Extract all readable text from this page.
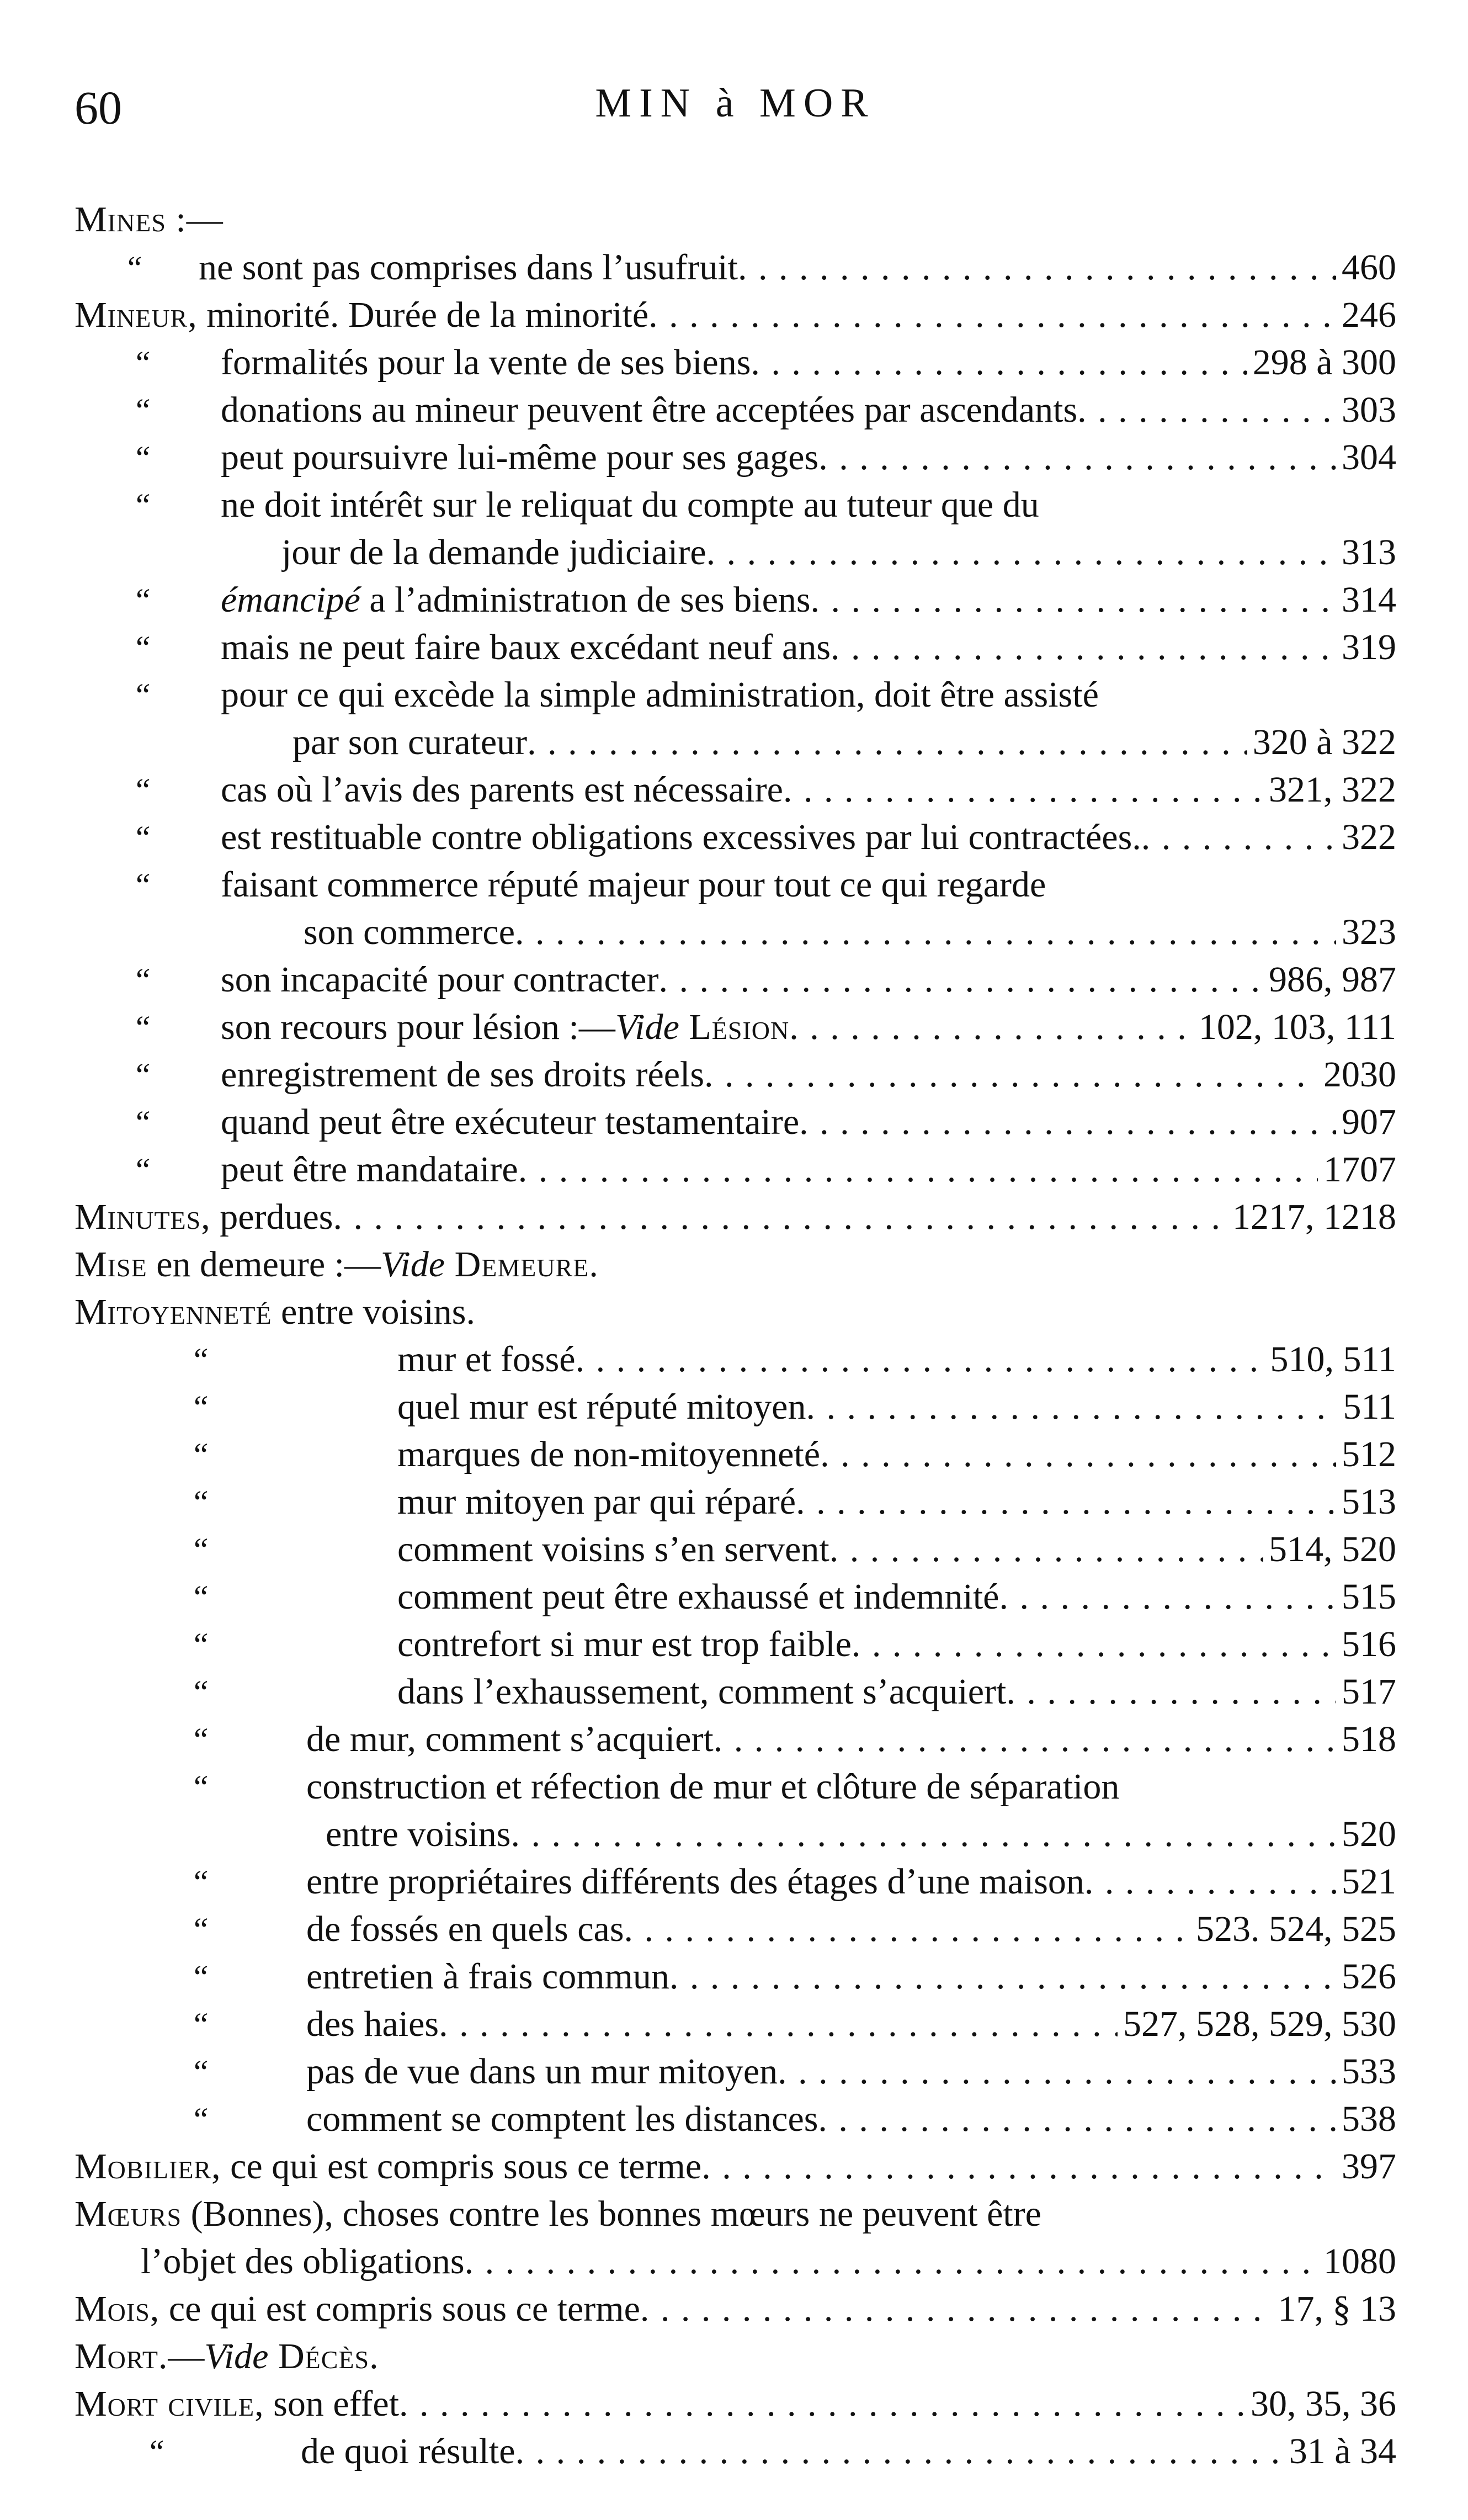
60	MIN à MOR
Mines :—
“ ne sont pas comprises dans l’usufruit . . .	460
Mineur, minorité. Durée de la minorité . . .	246
“ formalités pour la vente de ses biens . . .	298 à 300
“ donations au mineur peuvent être acceptées par ascendants . . .	303
“ peut poursuivre lui-même pour ses gages . . .	304
“ ne doit intérêt sur le reliquat du compte au tuteur que du
jour de la demande judiciaire . . .	313
“ émancipé a l’administratıon de ses biens . . .	314
“ mais ne peut faire baux excédant neuf ans . . .	319
“ pour ce qui excède la simple administration, doit être assisté
par son curateur . . .	320 à 322
“ cas où l’avis des parents est nécessaire . . .	321, 322
“ est restituable contre obligations excessives par lui contractées. . . .	322
“ faisant commerce réputé majeur pour tout ce qui regarde
son commerce . . .	323
“ son incapacité pour contracter . . .	986, 987
“ son recours pour lésion :—Vide Lésion . . .	102, 103, 111
“ enregistrement de ses droits réels . . .	2030
“ quand peut être exécuteur testamentaire . . .	907
“ peut être mandataire . . .	1707
Minutes, perdues . . .	1217, 1218
Mise en demeure :—Vide Demeure.
Mitoyenneté entre voisins.
“	mur et fossé . . .	510, 511
“	quel mur est réputé mitoyen . . .	511
“	marques de non-mitoyenneté . . .	512
“	mur mitoyen par qui réparé . . .	513
“	comment voisins s’en servent . . .	514, 520
“	comment peut être exhaussé et indemnité . . .	515
“	contrefort si mur est trop faible . . .	516
“	dans l’exhaussement, comment s’acquiert . . .	517
“	de mur, comment s’acquiert . . .	518
“	construction et réfection de mur et clôture de séparation
entre voisins . . .	520
“	entre propriétaires différents des étages d’une maison . . .	521
“	de fossés en quels cas . . .	523. 524, 525
“	entretien à frais commun . . .	526
“	des haies . . .	527, 528, 529, 530
“	pas de vue dans un mur mitoyen . . .	533
“	comment se comptent les distances . . .	538
Mobilier, ce qui est compris sous ce terme . . .	397
Mœurs (Bonnes), choses contre les bonnes mœurs ne peuvent être
l’objet des obligations . . .	1080
Mois, ce qui est compris sous ce terme . . .	17, § 13
Mort.—Vide Décès.
Mort civile, son effet . . .	30, 35, 36
“	de quoi résulte . . .	31 à 34
